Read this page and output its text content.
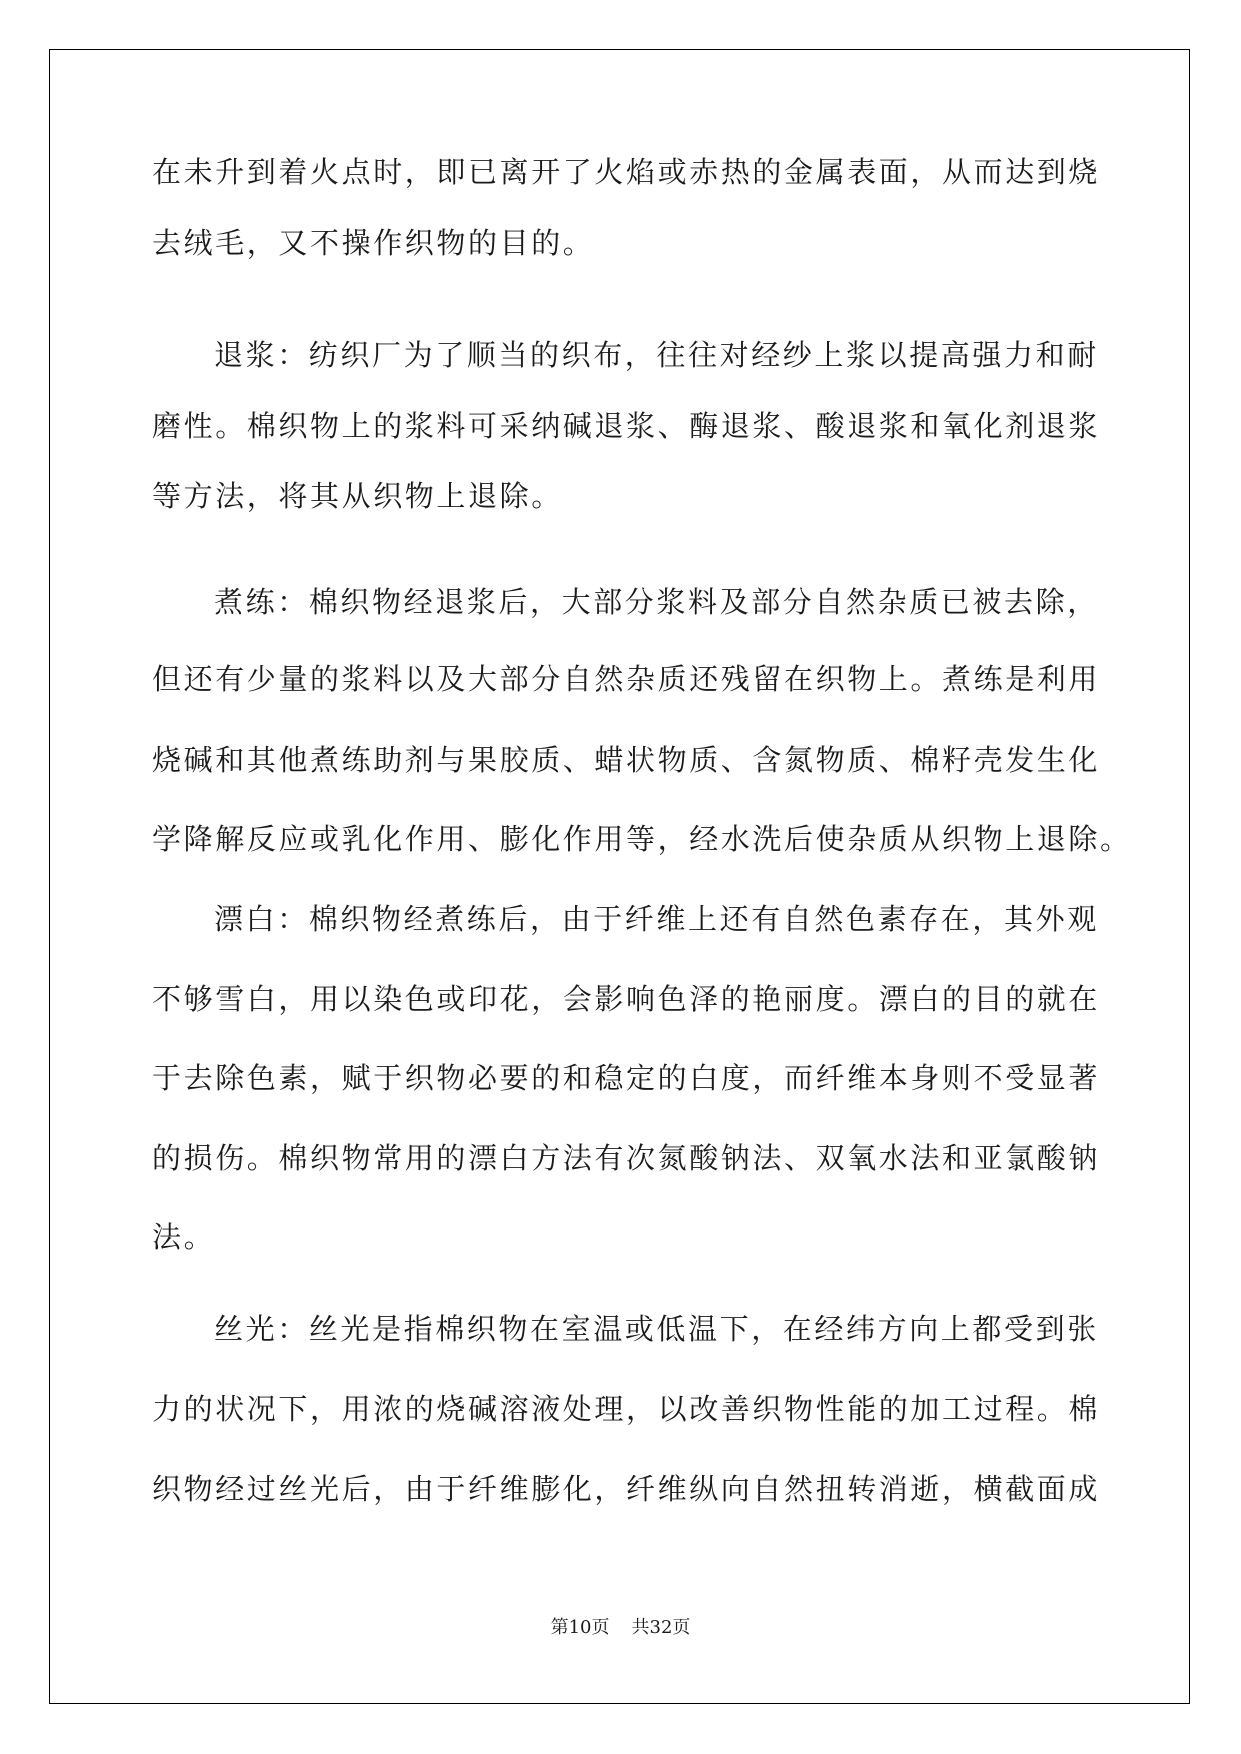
在未升到着火点时，即已离开了火焰或赤热的金属表面，从而达到烧
去绒毛，又不操作织物的目的。
退浆：纺织厂为了顺当的织布，往往对经纱上浆以提高强力和耐
磨性。棉织物上的浆料可采纳碱退浆、酶退浆、酸退浆和氧化剂退浆
等方法，将其从织物上退除。
煮练：棉织物经退浆后，大部分浆料及部分自然杂质已被去除，
但还有少量的浆料以及大部分自然杂质还残留在织物上。煮练是利用
烧碱和其他煮练助剂与果胶质、蜡状物质、含氮物质、棉籽壳发生化
学降解反应或乳化作用、膨化作用等，经水洗后使杂质从织物上退除。
漂白：棉织物经煮练后，由于纤维上还有自然色素存在，其外观
不够雪白，用以染色或印花，会影响色泽的艳丽度。漂白的目的就在
于去除色素，赋于织物必要的和稳定的白度，而纤维本身则不受显著
的损伤。棉织物常用的漂白方法有次氮酸钠法、双氧水法和亚氯酸钠
法。
丝光：丝光是指棉织物在室温或低温下，在经纬方向上都受到张
力的状况下，用浓的烧碱溶液处理，以改善织物性能的加工过程。棉
织物经过丝光后，由于纤维膨化，纤维纵向自然扭转消逝，横截面成
第10页 共32页
